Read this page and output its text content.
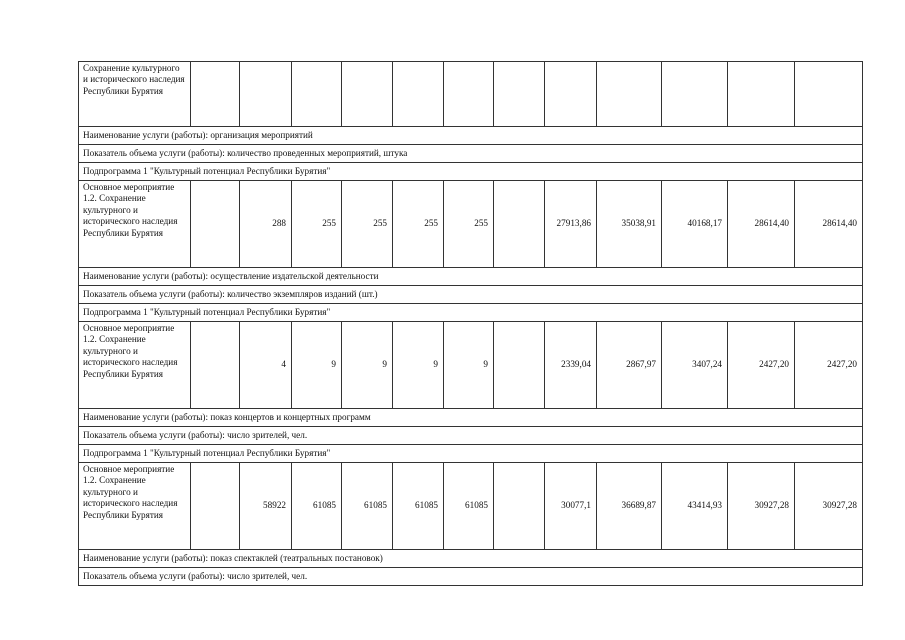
Сохранение культурного и исторического наследия Республики Бурятия												
Наименование услуги (работы): организация мероприятий												
Показатель объема услуги (работы): количество проведенных мероприятий, штука												
Подпрограмма 1 "Культурный потенциал Республики Бурятия"												
Основное мероприятие 1.2. Сохранение культурного и исторического наследия Республики Бурятия		288	255	255	255	255		27913,86	35038,91	40168,17	28614,40	28614,40
Наименование услуги (работы): осуществление издательской деятельности												
Показатель объема услуги (работы): количество экземпляров изданий (шт.)												
Подпрограмма 1 "Культурный потенциал Республики Бурятия"												
Основное мероприятие 1.2. Сохранение культурного и исторического наследия Республики Бурятия		4	9	9	9	9		2339,04	2867,97	3407,24	2427,20	2427,20
Наименование услуги (работы): показ концертов и концертных программ												
Показатель объема услуги (работы): число зрителей, чел.												
Подпрограмма 1 "Культурный потенциал Республики Бурятия"												
Основное мероприятие 1.2. Сохранение культурного и исторического наследия Республики Бурятия		58922	61085	61085	61085	61085		30077,1	36689,87	43414,93	30927,28	30927,28
Наименование услуги (работы): показ спектаклей (театральных постановок)												
Показатель объема услуги (работы): число зрителей, чел.												
